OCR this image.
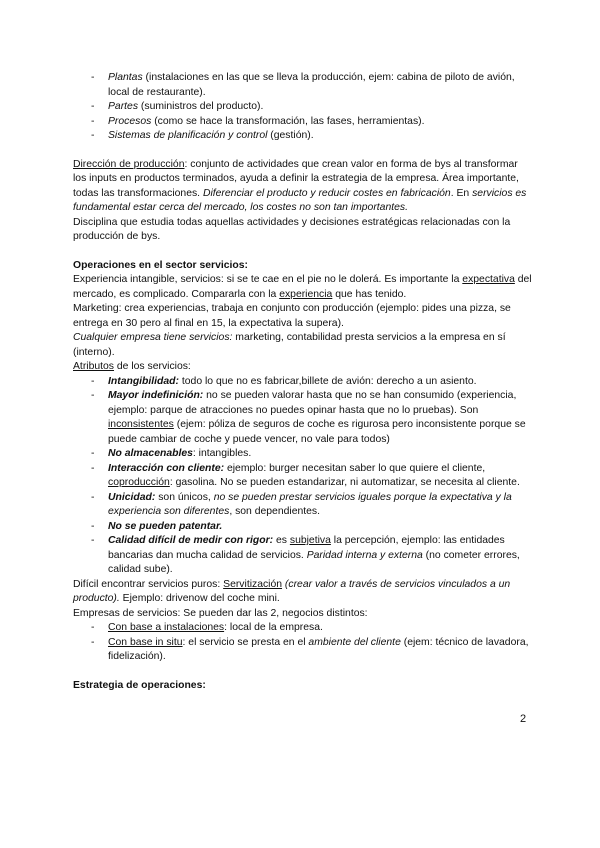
- Plantas (instalaciones en las que se lleva la producción, ejem: cabina de piloto de avión, local de restaurante).
- Partes (suministros del producto).
- Procesos (como se hace la transformación, las fases, herramientas).
- Sistemas de planificación y control (gestión).

Dirección de producción: conjunto de actividades que crean valor en forma de bys al transformar los inputs en productos terminados, ayuda a definir la estrategia de la empresa. Área importante, todas las transformaciones. Diferenciar el producto y reducir costes en fabricación. En servicios es fundamental estar cerca del mercado, los costes no son tan importantes.

Disciplina que estudia todas aquellas actividades y decisiones estratégicas relacionadas con la producción de bys.

Operaciones en el sector servicios:

Experiencia intangible, servicios: si se te cae en el pie no le dolerá. Es importante la expectativa del mercado, es complicado. Compararla con la experiencia que has tenido.

Marketing: crea experiencias, trabaja en conjunto con producción (ejemplo: pides una pizza, se entrega en 30 pero al final en 15, la expectativa la supera).

Cualquier empresa tiene servicios: marketing, contabilidad presta servicios a la empresa en sí (interno).

Atributos de los servicios:

- Intangibilidad: todo lo que no es fabricar,billete de avión: derecho a un asiento.
- Mayor indefinición: no se pueden valorar hasta que no se han consumido (experiencia, ejemplo: parque de atracciones no puedes opinar hasta que no lo pruebas). Son inconsistentes (ejem: póliza de seguros de coche es rigurosa pero inconsistente porque se puede cambiar de coche y puede vencer, no vale para todos)
- No almacenables: intangibles.
- Interacción con cliente: ejemplo: burger necesitan saber lo que quiere el cliente, coproducción: gasolina. No se pueden estandarizar, ni automatizar, se necesita al cliente.
- Unicidad: son únicos, no se pueden prestar servicios iguales porque la expectativa y la experiencia son diferentes, son dependientes.
- No se pueden patentar.
- Calidad difícil de medir con rigor: es subjetiva la percepción, ejemplo: las entidades bancarias dan mucha calidad de servicios. Paridad interna y externa (no cometer errores, calidad sube).

Difícil encontrar servicios puros: Servitización (crear valor a través de servicios vinculados a un producto). Ejemplo: drivenow del coche mini.

Empresas de servicios: Se pueden dar las 2, negocios distintos:

- Con base a instalaciones: local de la empresa.
- Con base in situ: el servicio se presta en el ambiente del cliente (ejem: técnico de lavadora, fidelización).

Estrategia de operaciones:

2
